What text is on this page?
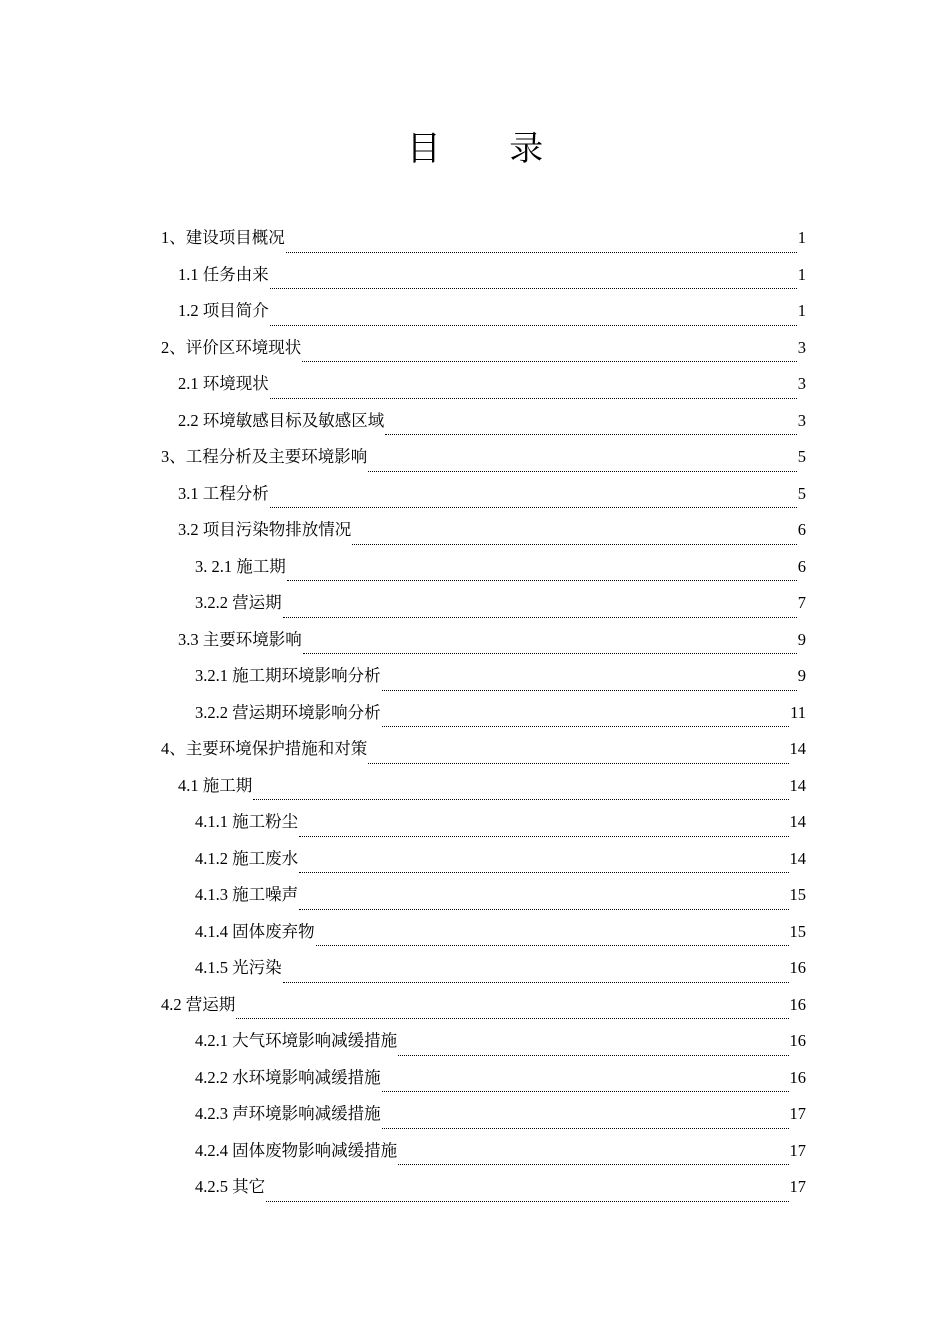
目 录
1、建设项目概况	1
1.1 任务由来	1
1.2 项目简介	1
2、评价区环境现状	3
2.1 环境现状	3
2.2 环境敏感目标及敏感区域	3
3、工程分析及主要环境影响	5
3.1 工程分析	5
3.2 项目污染物排放情况	6
3. 2.1 施工期	6
3.2.2 营运期	7
3.3 主要环境影响	9
3.2.1 施工期环境影响分析	9
3.2.2 营运期环境影响分析	11
4、主要环境保护措施和对策	14
4.1 施工期	14
4.1.1 施工粉尘	14
4.1.2 施工废水	14
4.1.3 施工噪声	15
4.1.4 固体废弃物	15
4.1.5 光污染	16
4.2 营运期	16
4.2.1 大气环境影响减缓措施	16
4.2.2 水环境影响减缓措施	16
4.2.3 声环境影响减缓措施	17
4.2.4 固体废物影响减缓措施	17
4.2.5 其它	17
